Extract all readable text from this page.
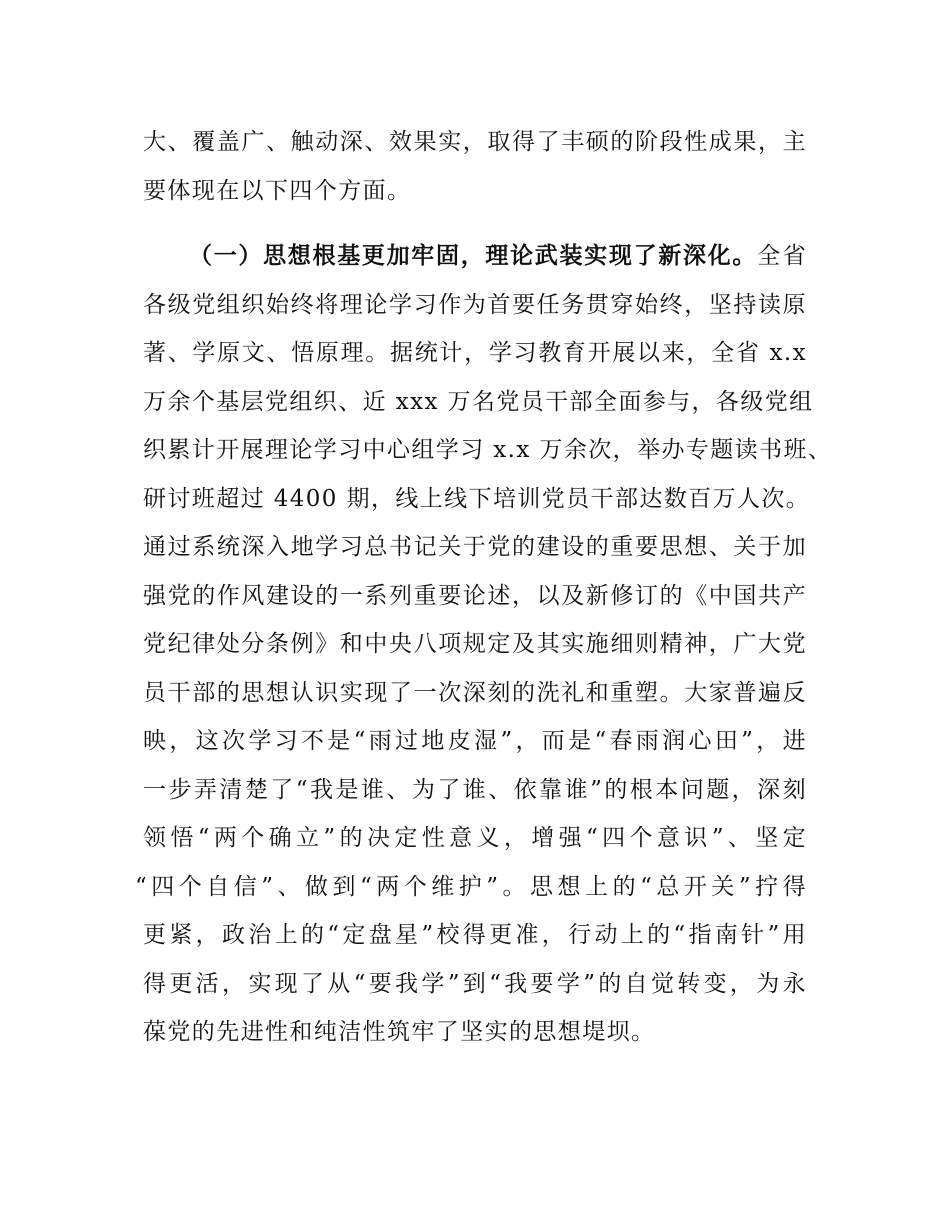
大、覆盖广、触动深、效果实，取得了丰硕的阶段性成果，主
要体现在以下四个方面。
（一）思想根基更加牢固，理论武装实现了新深化。全省
各级党组织始终将理论学习作为首要任务贯穿始终，坚持读原
著、学原文、悟原理。据统计，学习教育开展以来，全省 x.x
万余个基层党组织、近 xxx 万名党员干部全面参与，各级党组
织累计开展理论学习中心组学习 x.x 万余次，举办专题读书班、
研讨班超过 4400 期，线上线下培训党员干部达数百万人次。
通过系统深入地学习总书记关于党的建设的重要思想、关于加
强党的作风建设的一系列重要论述，以及新修订的《中国共产
党纪律处分条例》和中央八项规定及其实施细则精神，广大党
员干部的思想认识实现了一次深刻的洗礼和重塑。大家普遍反
映，这次学习不是“雨过地皮湿”，而是“春雨润心田”，进
一步弄清楚了“我是谁、为了谁、依靠谁”的根本问题，深刻
领悟“两个确立”的决定性意义，增强“四个意识”、坚定
“四个自信”、做到“两个维护”。思想上的“总开关”拧得
更紧，政治上的“定盘星”校得更准，行动上的“指南针”用
得更活，实现了从“要我学”到“我要学”的自觉转变，为永
葆党的先进性和纯洁性筑牢了坚实的思想堤坝。
